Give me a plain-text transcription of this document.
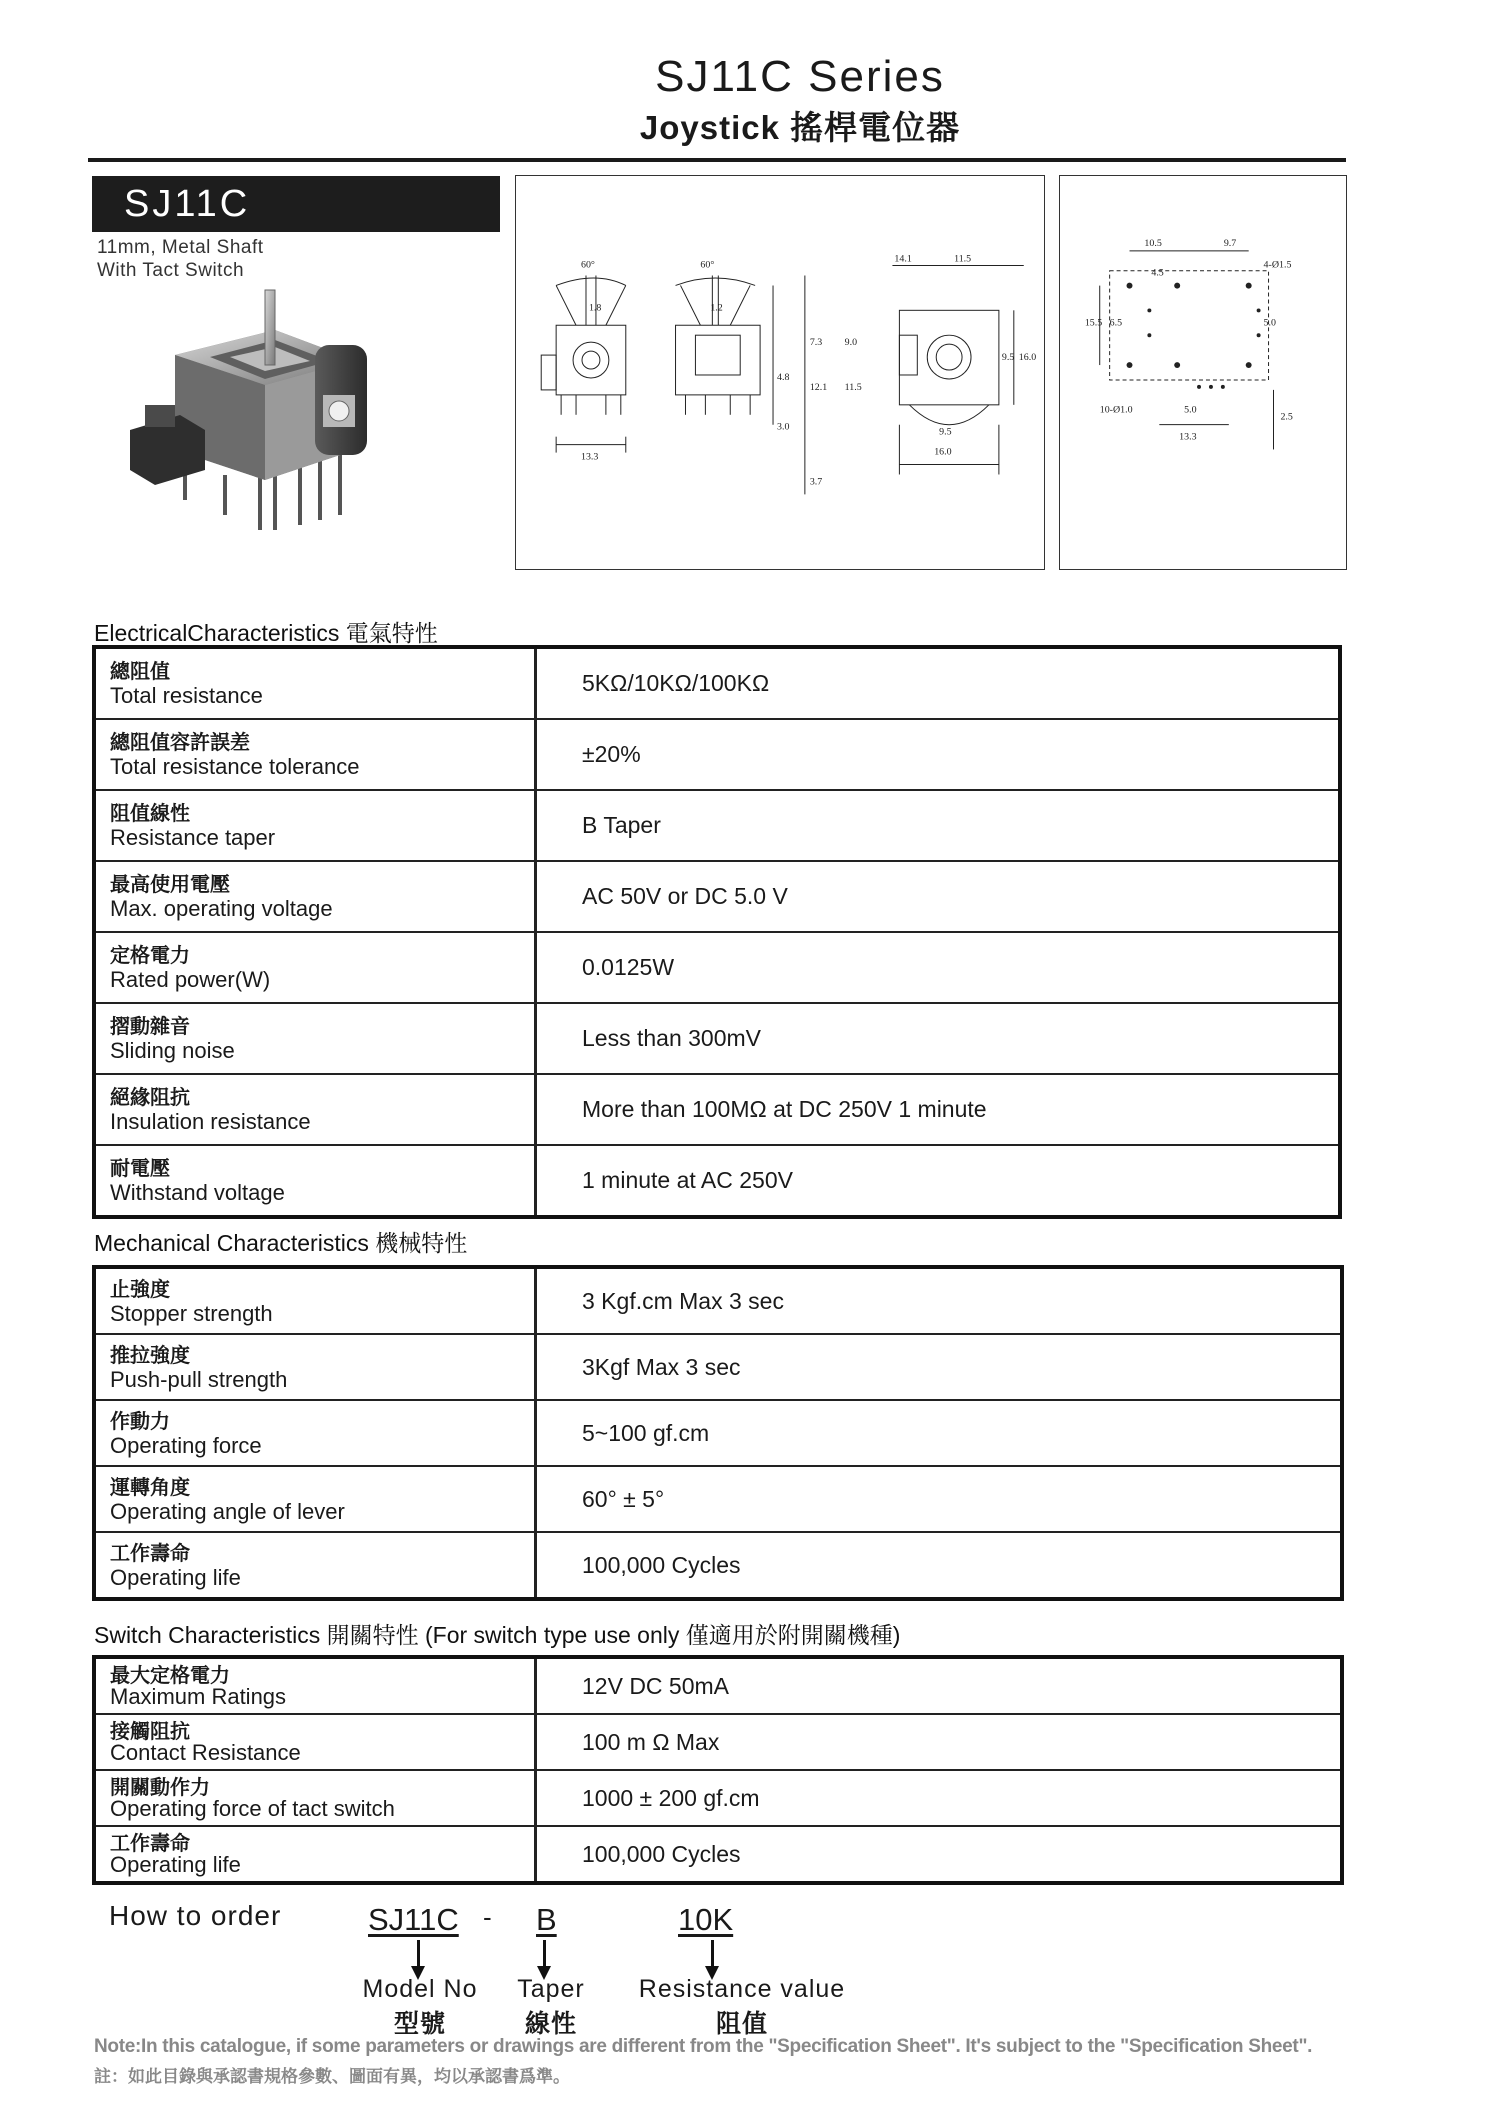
SJ11C Series
Joystick 搖桿電位器
SJ11C
11mm, Metal Shaft
With Tact Switch	60°	60°
1.8	1.2
14.1	11.5
7.3 9.0
4.8
12.1 11.5
9.5 16.0
3.0
3.7
13.3
9.5
16.0
10.5	9.7
4-Ø1.5
4.5
15.5 6.5
10-Ø1.0	5.0
13.3
2.5
5.0
ElectricalCharacteristics 電氣特性
總阻值
Total resistance	5KΩ/10KΩ/100KΩ

總阻值容許誤差
Total resistance tolerance	±20%

阻值線性
Resistance taper	B Taper

最高使用電壓
Max. operating voltage	AC 50V or DC 5.0 V

定格電力
Rated power(W)	0.0125W

摺動雜音
Sliding noise	Less than 300mV

絕緣阻抗
Insulation resistance	More than 100MΩ at DC 250V 1 minute

耐電壓
Withstand voltage	1 minute at AC 250V
Mechanical Characteristics 機械特性
止強度
Stopper strength	3 Kgf.cm Max 3 sec

推拉強度
Push-pull strength	3Kgf Max 3 sec

作動力
Operating force	5~100 gf.cm

運轉角度
Operating angle of lever	60° ± 5°

工作壽命
Operating life	100,000 Cycles
Switch Characteristics 開關特性 (For switch type use only 僅適用於附開關機種)
最大定格電力
Maximum Ratings	12V DC 50mA

接觸阻抗
Contact Resistance	100 m Ω Max

開關動作力
Operating force of tact switch	1000 ± 200 gf.cm

工作壽命
Operating life	100,000 Cycles
How to order	SJ11C - B	10K
Model No
型號
Taper
線性
Resistance value
阻值
Note:In this catalogue, if some parameters or drawings are different from the "Specification Sheet". It's subject to the "Specification Sheet".
註：如此目錄與承認書規格參數、圖面有異，均以承認書爲準。
